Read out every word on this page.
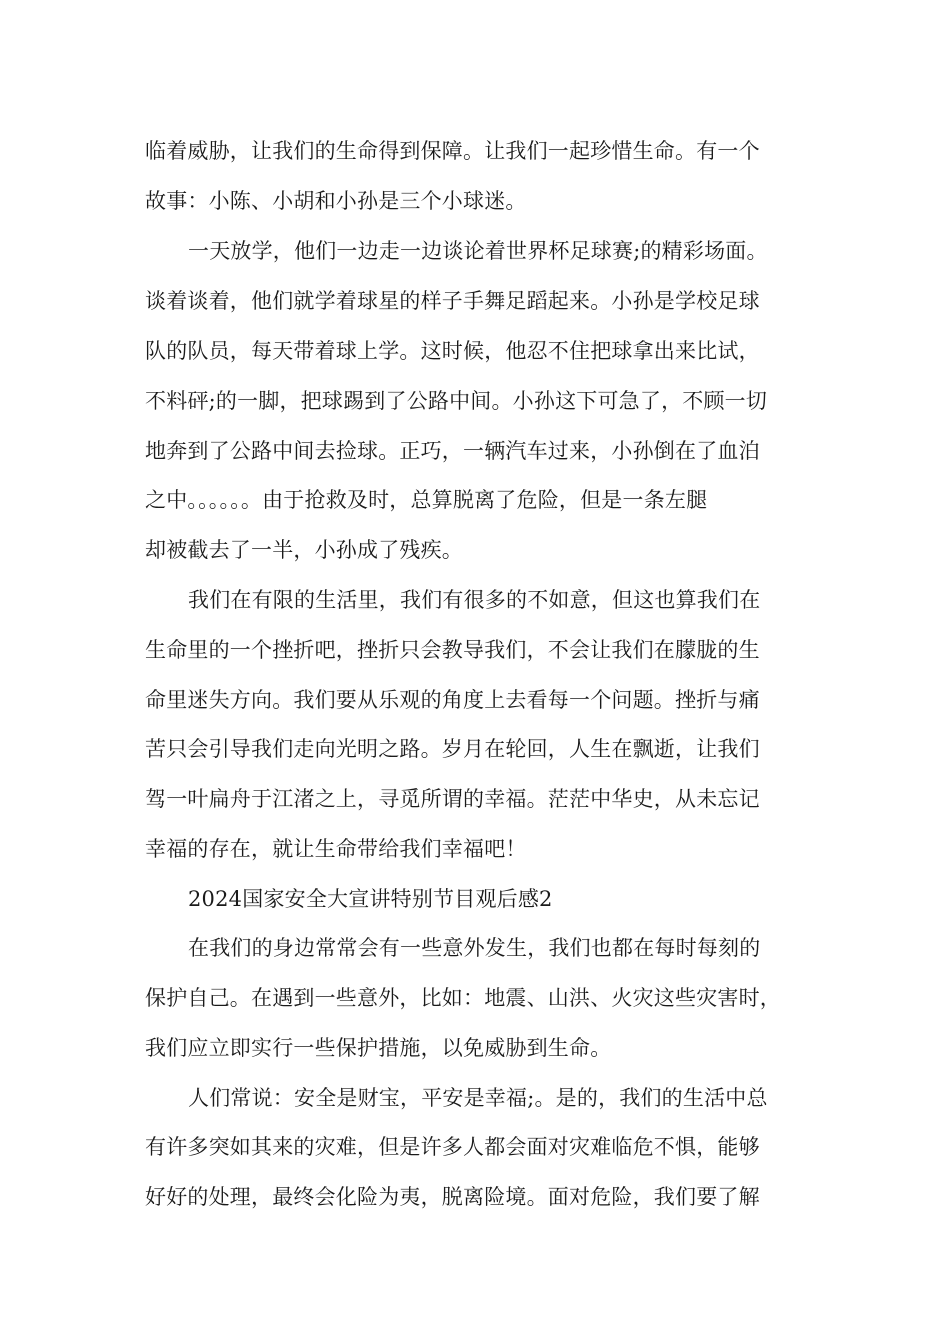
临着威胁，让我们的生命得到保障。让我们一起珍惜生命。有一个
故事：小陈、小胡和小孙是三个小球迷。
一天放学，他们一边走一边谈论着世界杯足球赛;的精彩场面。
谈着谈着，他们就学着球星的样子手舞足蹈起来。小孙是学校足球
队的队员，每天带着球上学。这时候，他忍不住把球拿出来比试，
不料砰;的一脚，把球踢到了公路中间。小孙这下可急了，不顾一切
地奔到了公路中间去捡球。正巧，一辆汽车过来，小孙倒在了血泊
之中。。。。。。由于抢救及时，总算脱离了危险，但是一条左腿
却被截去了一半，小孙成了残疾。
我们在有限的生活里，我们有很多的不如意，但这也算我们在
生命里的一个挫折吧，挫折只会教导我们，不会让我们在朦胧的生
命里迷失方向。我们要从乐观的角度上去看每一个问题。挫折与痛
苦只会引导我们走向光明之路。岁月在轮回，人生在飘逝，让我们
驾一叶扁舟于江渚之上，寻觅所谓的幸福。茫茫中华史，从未忘记
幸福的存在，就让生命带给我们幸福吧！
2024国家安全大宣讲特别节目观后感2
在我们的身边常常会有一些意外发生，我们也都在每时每刻的
保护自己。在遇到一些意外，比如：地震、山洪、火灾这些灾害时，
我们应立即实行一些保护措施，以免威胁到生命。
人们常说：安全是财宝，平安是幸福;。是的，我们的生活中总
有许多突如其来的灾难，但是许多人都会面对灾难临危不惧，能够
好好的处理，最终会化险为夷，脱离险境。面对危险，我们要了解
